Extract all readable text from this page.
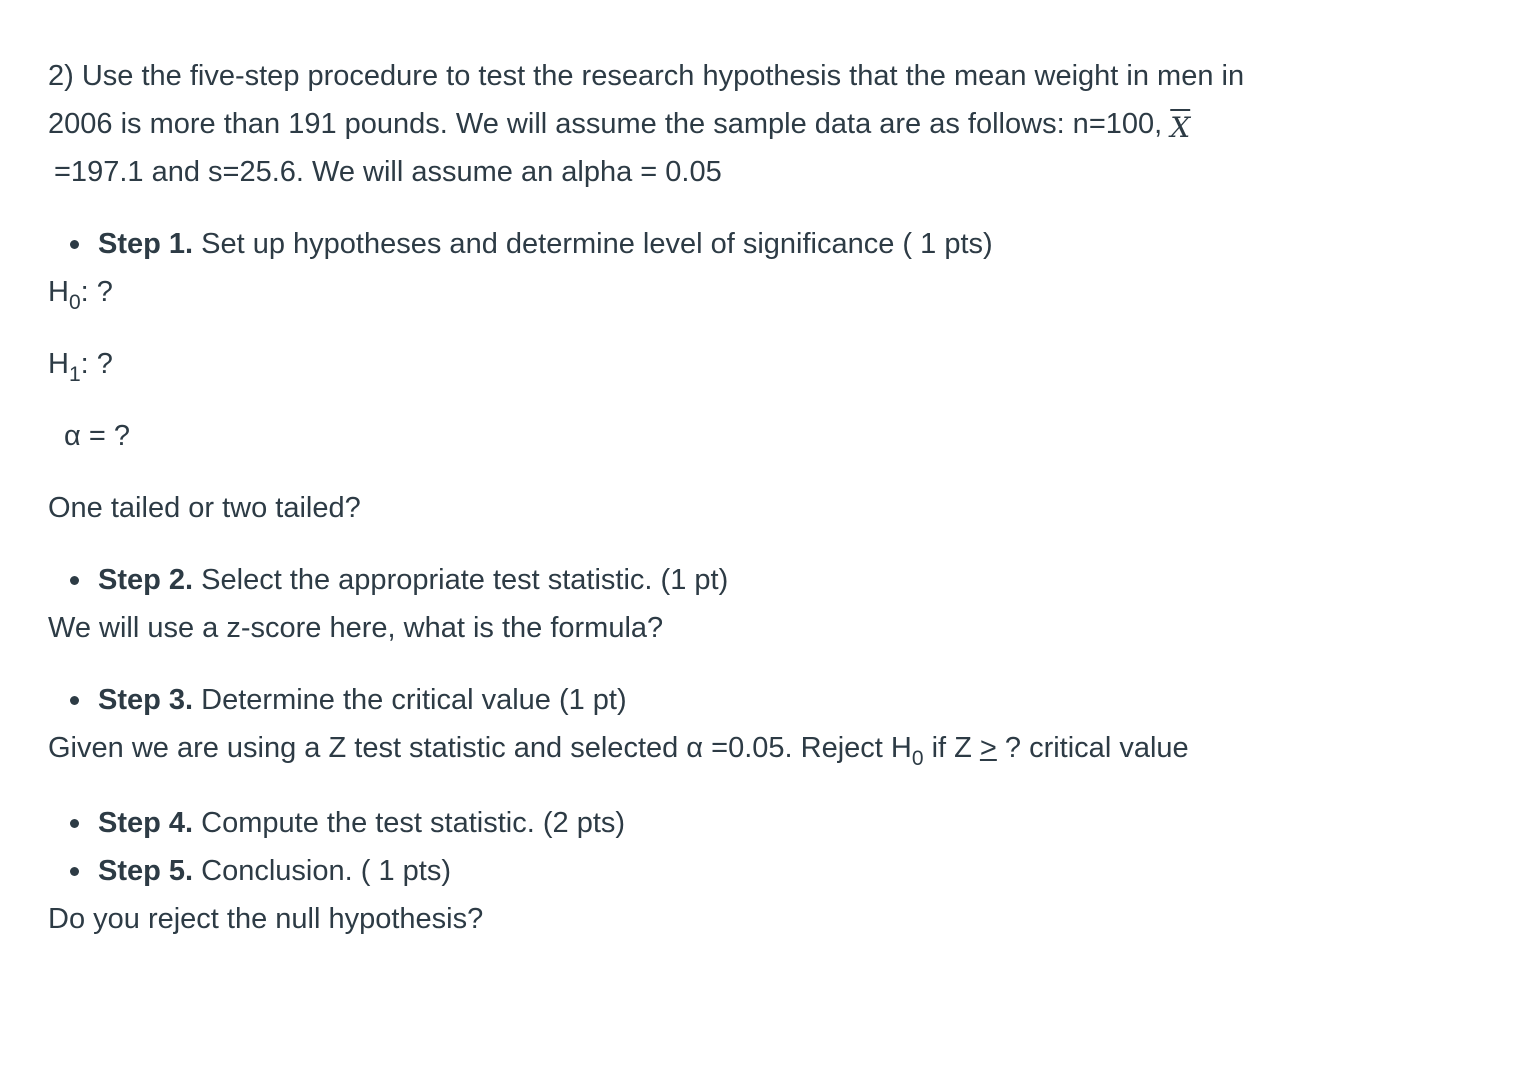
2) Use the five-step procedure to test the research hypothesis that the mean weight in men in

2006 is more than 191 pounds. We will assume the sample data are as follows: n=100, $\overline{X}$

=197.1 and s=25.6. We will assume an alpha = 0.05

Step 1. Set up hypotheses and determine level of significance ( 1 pts)

$H_0$: ?

$H_1$: ?

α = ?

One tailed or two tailed?

Step 2. Select the appropriate test statistic. (1 pt)

We will use a z-score here, what is the formula?

Step 3. Determine the critical value (1 pt)

Given we are using a Z test statistic and selected α =0.05. Reject $H_0$ if Z > ? critical value

Step 4. Compute the test statistic. (2 pts)
Step 5. Conclusion. ( 1 pts)

Do you reject the null hypothesis?
